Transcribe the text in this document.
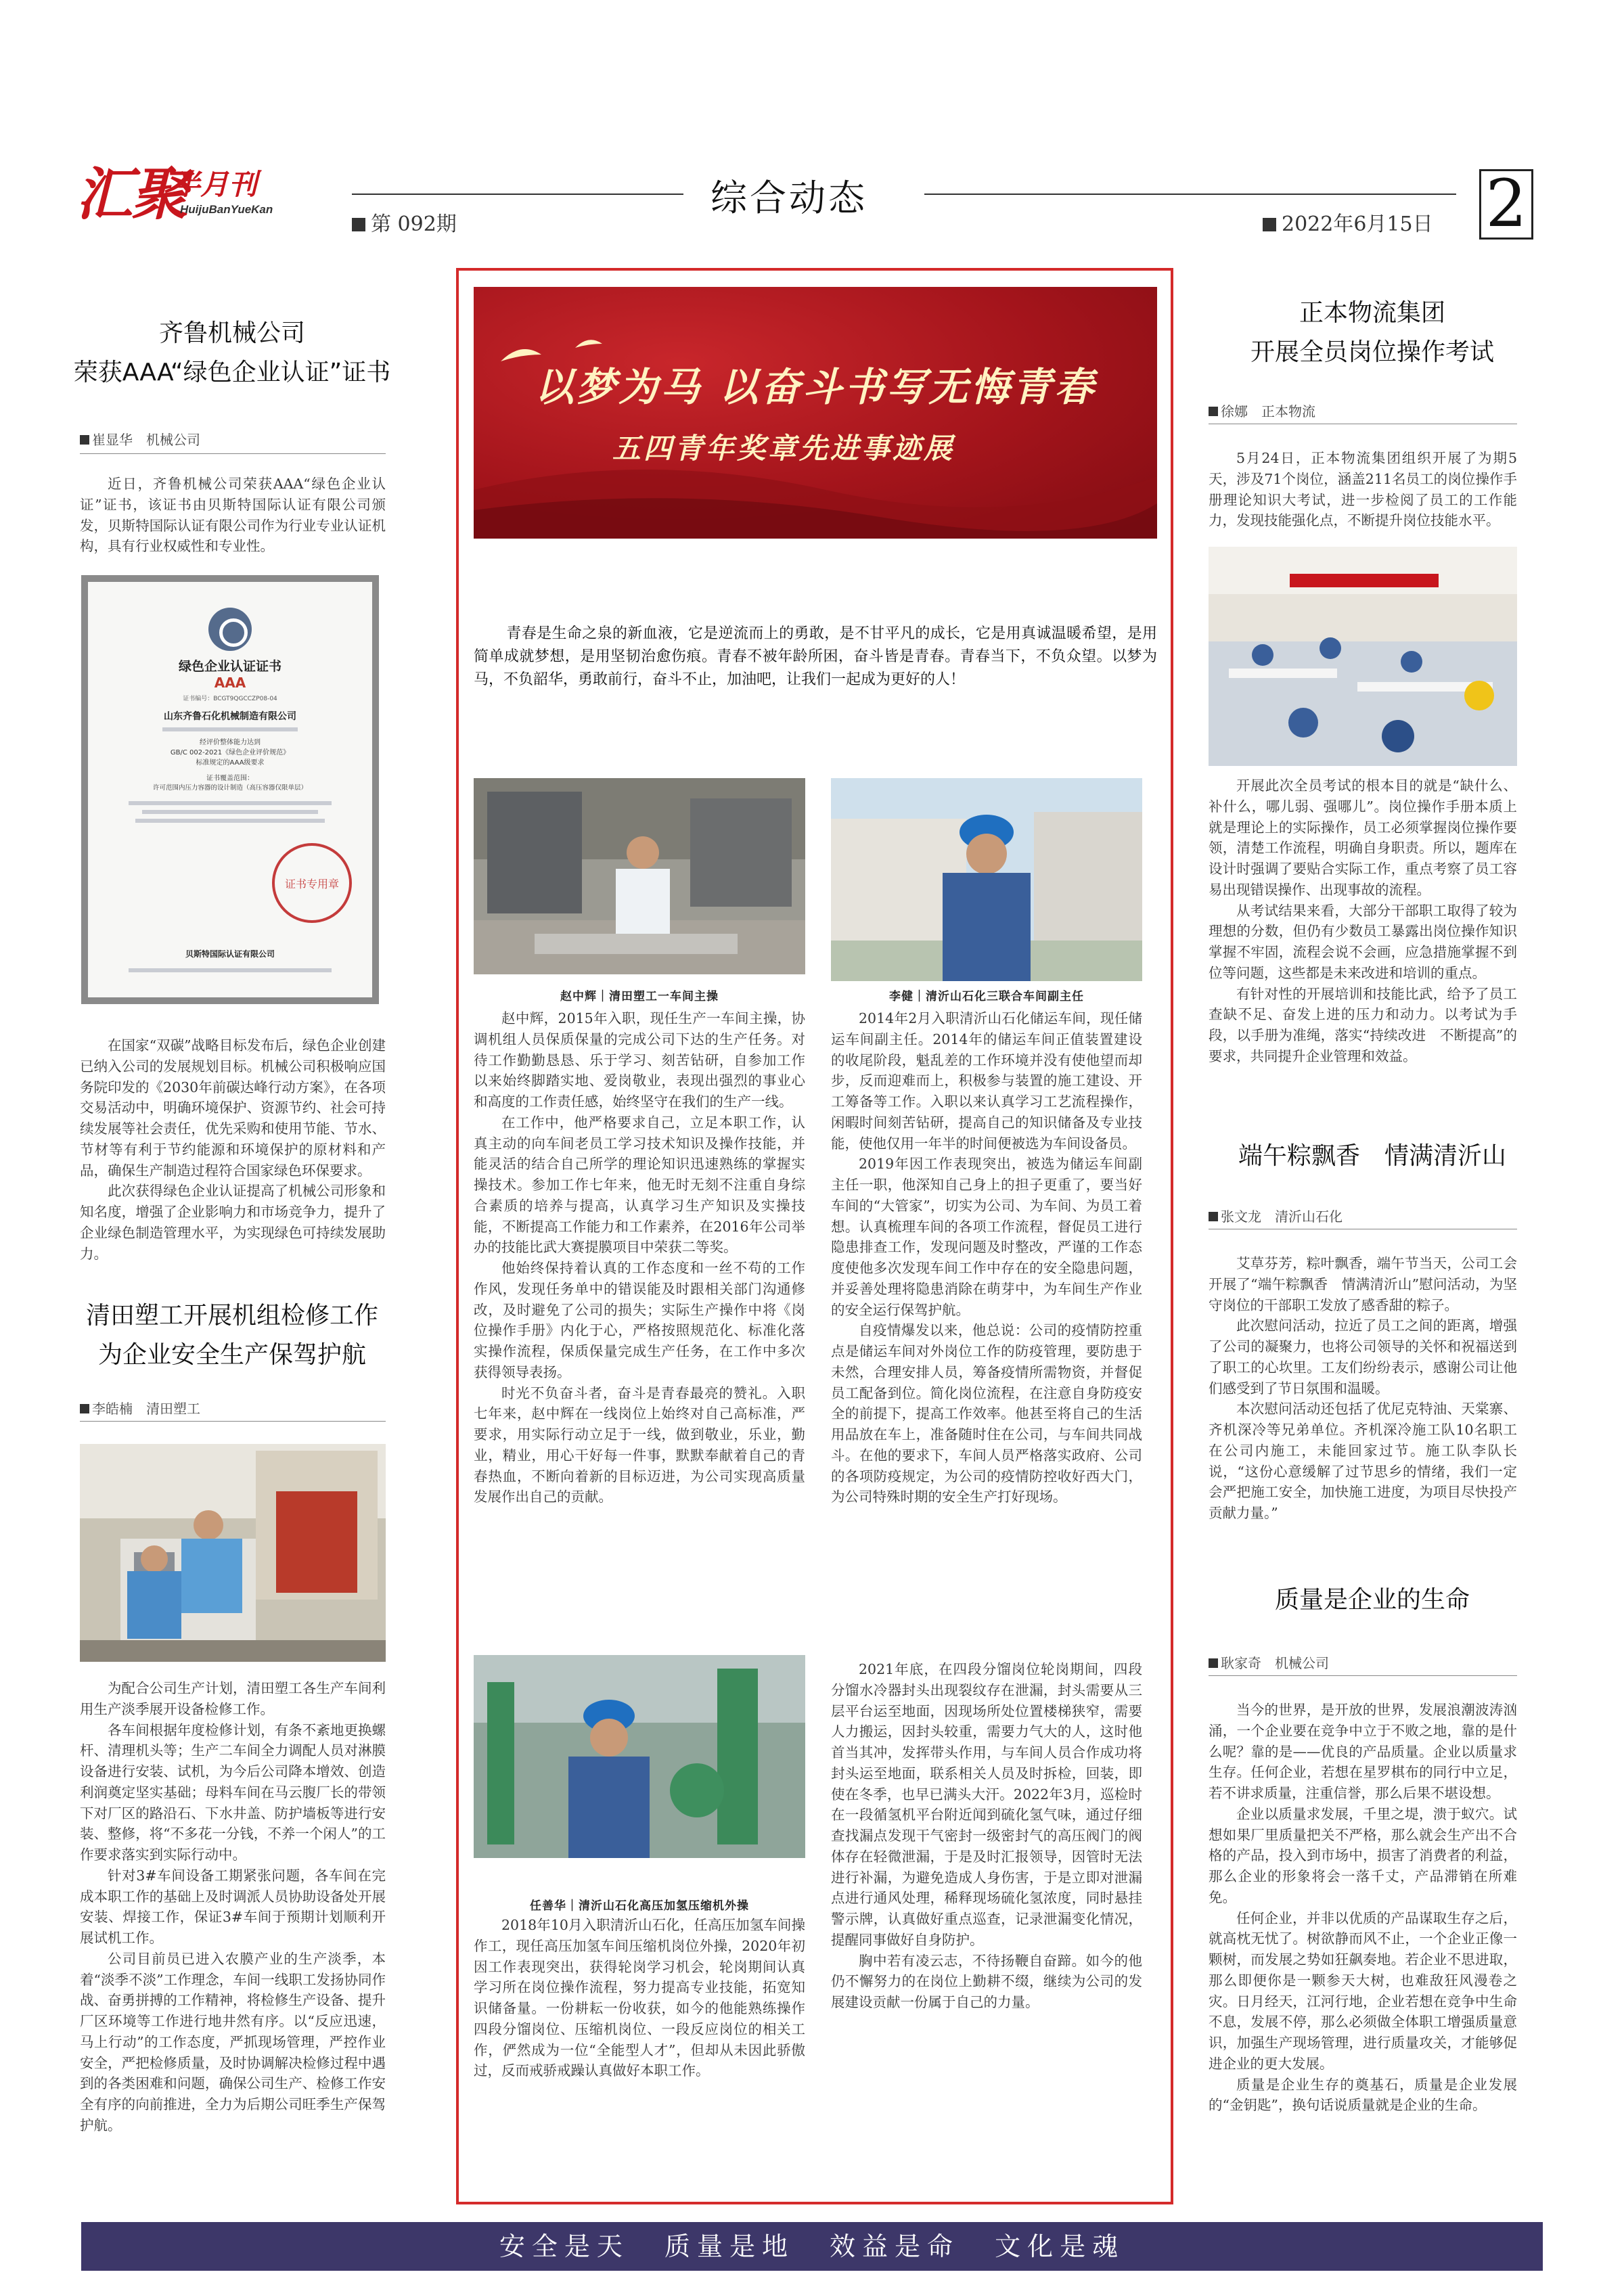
汇聚
半月刊
HuijuBanYueKan
第 092期
综合动态
2022年6月15日 2
齐鲁机械公司
荣获AAA“绿色企业认证”证书
崔显华　机械公司

近日，齐鲁机械公司荣获AAA“绿色企业认证”证书，该证书由贝斯特国际认证有限公司颁发，贝斯特国际认证有限公司作为行业专业认证机构，具有行业权威性和专业性。

绿色企业认证证书
AAA
证书编号：BCGT9QGCCZP08-04
山东齐鲁石化机械制造有限公司
经评价整体能力达到
GB/C 002-2021《绿色企业评价规范》
标准规定的AAA级要求
证书覆盖范围：
许可范围内压力容器的设计制造（高压容器仅限单层）
证书专用章
贝斯特国际认证有限公司

在国家“双碳”战略目标发布后，绿色企业创建已纳入公司的发展规划目标。机械公司积极响应国务院印发的《2030年前碳达峰行动方案》，在各项交易活动中，明确环境保护、资源节约、社会可持续发展等社会责任，优先采购和使用节能、节水、节材等有利于节约能源和环境保护的原材料和产品，确保生产制造过程符合国家绿色环保要求。

此次获得绿色企业认证提高了机械公司形象和知名度，增强了企业影响力和市场竞争力，提升了企业绿色制造管理水平，为实现绿色可持续发展助力。

清田塑工开展机组检修工作
为企业安全生产保驾护航
李皓楠　清田塑工

为配合公司生产计划，清田塑工各生产车间利用生产淡季展开设备检修工作。

各车间根据年度检修计划，有条不紊地更换螺杆、清理机头等；生产二车间全力调配人员对淋膜设备进行安装、试机，为今后公司降本增效、创造利润奠定坚实基础；母料车间在马云腹厂长的带领下对厂区的路沿石、下水井盖、防护墙板等进行安装、整修，将“不多花一分钱，不养一个闲人”的工作要求落实到实际行动中。

针对3#车间设备工期紧张问题，各车间在完成本职工作的基础上及时调派人员协助设备处开展安装、焊接工作，保证3#车间于预期计划顺利开展试机工作。

公司目前员已进入农膜产业的生产淡季，本着“淡季不淡”工作理念，车间一线职工发扬协同作战、奋勇拼搏的工作精神，将检修生产设备、提升厂区环境等工作进行地井然有序。以“反应迅速，马上行动”的工作态度，严抓现场管理，严控作业安全，严把检修质量，及时协调解决检修过程中遇到的各类困难和问题，确保公司生产、检修工作安全有序的向前推进，全力为后期公司旺季生产保驾护航。

以梦为马 以奋斗书写无悔青春
五四青年奖章先进事迹展
青春是生命之泉的新血液，它是逆流而上的勇敢，是不甘平凡的成长，它是用真诚温暖希望，是用简单成就梦想，是用坚韧治愈伤痕。青春不被年龄所困，奋斗皆是青春。青春当下，不负众望。以梦为马，不负韶华，勇敢前行，奋斗不止，加油吧，让我们一起成为更好的人！
赵中辉｜清田塑工一车间主操

赵中辉，2015年入职，现任生产一车间主操，协调机组人员保质保量的完成公司下达的生产任务。对待工作勤勤恳恳、乐于学习、刻苦钻研，自参加工作以来始终脚踏实地、爱岗敬业，表现出强烈的事业心和高度的工作责任感，始终坚守在我们的生产一线。

在工作中，他严格要求自己，立足本职工作，认真主动的向车间老员工学习技术知识及操作技能，并能灵活的结合自己所学的理论知识迅速熟练的掌握实操技术。参加工作七年来，他无时无刻不注重自身综合素质的培养与提高，认真学习生产知识及实操技能，不断提高工作能力和工作素养，在2016年公司举办的技能比武大赛提膜项目中荣获二等奖。

他始终保持着认真的工作态度和一丝不苟的工作作风，发现任务单中的错误能及时跟相关部门沟通修改，及时避免了公司的损失；实际生产操作中将《岗位操作手册》内化于心，严格按照规范化、标准化落实操作流程，保质保量完成生产任务，在工作中多次获得领导表扬。

时光不负奋斗者，奋斗是青春最亮的赞礼。入职七年来，赵中辉在一线岗位上始终对自己高标准，严要求，用实际行动立足于一线，做到敬业，乐业，勤业，精业，用心干好每一件事，默默奉献着自己的青春热血，不断向着新的目标迈进，为公司实现高质量发展作出自己的贡献。

李健｜清沂山石化三联合车间副主任

2014年2月入职清沂山石化储运车间，现任储运车间副主任。2014年的储运车间正值装置建设的收尾阶段，魁乱差的工作环境并没有使他望而却步，反而迎难而上，积极参与装置的施工建设、开工筹备等工作。入职以来认真学习工艺流程操作，闲暇时间刻苦钻研，提高自己的知识储备及专业技能，使他仅用一年半的时间便被选为车间设备员。

2019年因工作表现突出，被选为储运车间副主任一职，他深知自己身上的担子更重了，要当好车间的“大管家”，切实为公司、为车间、为员工着想。认真梳理车间的各项工作流程，督促员工进行隐患排查工作，发现问题及时整改，严谨的工作态度使他多次发现车间工作中存在的安全隐患问题，并妥善处理将隐患消除在萌芽中，为车间生产作业的安全运行保驾护航。

自疫情爆发以来，他总说：公司的疫情防控重点是储运车间对外岗位工作的防疫管理，要防患于未然，合理安排人员，筹备疫情所需物资，并督促员工配备到位。简化岗位流程，在注意自身防疫安全的前提下，提高工作效率。他甚至将自己的生活用品放在车上，准备随时住在公司，与车间共同战斗。在他的要求下，车间人员严格落实政府、公司的各项防疫规定，为公司的疫情防控收好西大门，为公司特殊时期的安全生产打好现场。

任善华｜清沂山石化高压加氢压缩机外操

2018年10月入职清沂山石化，任高压加氢车间操作工，现任高压加氢车间压缩机岗位外操，2020年初因工作表现突出，获得轮岗学习机会，轮岗期间认真学习所在岗位操作流程，努力提高专业技能，拓宽知识储备量。一份耕耘一份收获，如今的他能熟练操作四段分馏岗位、压缩机岗位、一段反应岗位的相关工作，俨然成为一位“全能型人才”，但却从未因此骄傲过，反而戒骄戒躁认真做好本职工作。

2021年底，在四段分馏岗位轮岗期间，四段分馏水冷器封头出现裂纹存在泄漏，封头需要从三层平台运至地面，因现场所处位置楼梯狭窄，需要人力搬运，因封头较重，需要力气大的人，这时他首当其冲，发挥带头作用，与车间人员合作成功将封头运至地面，联系相关人员及时拆检，回装，即使在冬季，也早已满头大汗。2022年3月，巡检时在一段循氢机平台附近闻到硫化氢气味，通过仔细查找漏点发现干气密封一级密封气的高压阀门的阀体存在轻微泄漏，于是及时汇报领导，因管时无法进行补漏，为避免造成人身伤害，于是立即对泄漏点进行通风处理，稀释现场硫化氢浓度，同时悬挂警示牌，认真做好重点巡查，记录泄漏变化情况，提醒同事做好自身防护。

胸中若有凌云志，不待扬鞭自奋蹄。如今的他仍不懈努力的在岗位上勤耕不缀，继续为公司的发展建设贡献一份属于自己的力量。

正本物流集团
开展全员岗位操作考试
徐娜　正本物流

5月24日，正本物流集团组织开展了为期5天，涉及71个岗位，涵盖211名员工的岗位操作手册理论知识大考试，进一步检阅了员工的工作能力，发现技能强化点，不断提升岗位技能水平。

开展此次全员考试的根本目的就是“缺什么、补什么，哪儿弱、强哪儿”。岗位操作手册本质上就是理论上的实际操作，员工必须掌握岗位操作要领，清楚工作流程，明确自身职责。所以，题库在设计时强调了要贴合实际工作，重点考察了员工容易出现错误操作、出现事故的流程。

从考试结果来看，大部分干部职工取得了较为理想的分数，但仍有少数员工暴露出岗位操作知识掌握不牢固，流程会说不会画，应急措施掌握不到位等问题，这些都是未来改进和培训的重点。

有针对性的开展培训和技能比武，给予了员工查缺不足、奋发上进的压力和动力。以考试为手段，以手册为准绳，落实“持续改进　不断提高”的要求，共同提升企业管理和效益。

端午粽飘香　情满清沂山
张文龙　清沂山石化

艾草芬芳，粽叶飘香，端午节当天，公司工会开展了“端午粽飘香　情满清沂山”慰问活动，为坚守岗位的干部职工发放了感香甜的粽子。

此次慰问活动，拉近了员工之间的距离，增强了公司的凝聚力，也将公司领导的关怀和祝福送到了职工的心坎里。工友们纷纷表示，感谢公司让他们感受到了节日氛围和温暖。

本次慰问活动还包括了优尼克特油、天棠寨、齐机深冷等兄弟单位。齐机深冷施工队10名职工在公司内施工，未能回家过节。施工队李队长说，“这份心意缓解了过节思乡的情绪，我们一定会严把施工安全，加快施工进度，为项目尽快投产贡献力量。”

质量是企业的生命
耿家奇　机械公司

当今的世界，是开放的世界，发展浪潮波涛汹涌，一个企业要在竞争中立于不败之地，靠的是什么呢？靠的是——优良的产品质量。企业以质量求生存。任何企业，若想在星罗棋布的同行中立足，若不讲求质量，注重信誉，那么后果不堪设想。

企业以质量求发展，千里之堤，溃于蚁穴。试想如果厂里质量把关不严格，那么就会生产出不合格的产品，投入到市场中，损害了消费者的利益，那么企业的形象将会一落千丈，产品滞销在所难免。

任何企业，并非以优质的产品谋取生存之后，就高枕无忧了。树欲静而风不止，一个企业正像一颗树，而发展之势如狂飙奏地。若企业不思进取，那么即便你是一颗参天大树，也难敌狂风漫卷之灾。日月经天，江河行地，企业若想在竞争中生命不息，发展不停，那么必须做全体职工增强质量意识，加强生产现场管理，进行质量攻关，才能够促进企业的更大发展。

质量是企业生存的奠基石，质量是企业发展的“金钥匙”，换句话说质量就是企业的生命。

安全是天 质量是地 效益是命 文化是魂
